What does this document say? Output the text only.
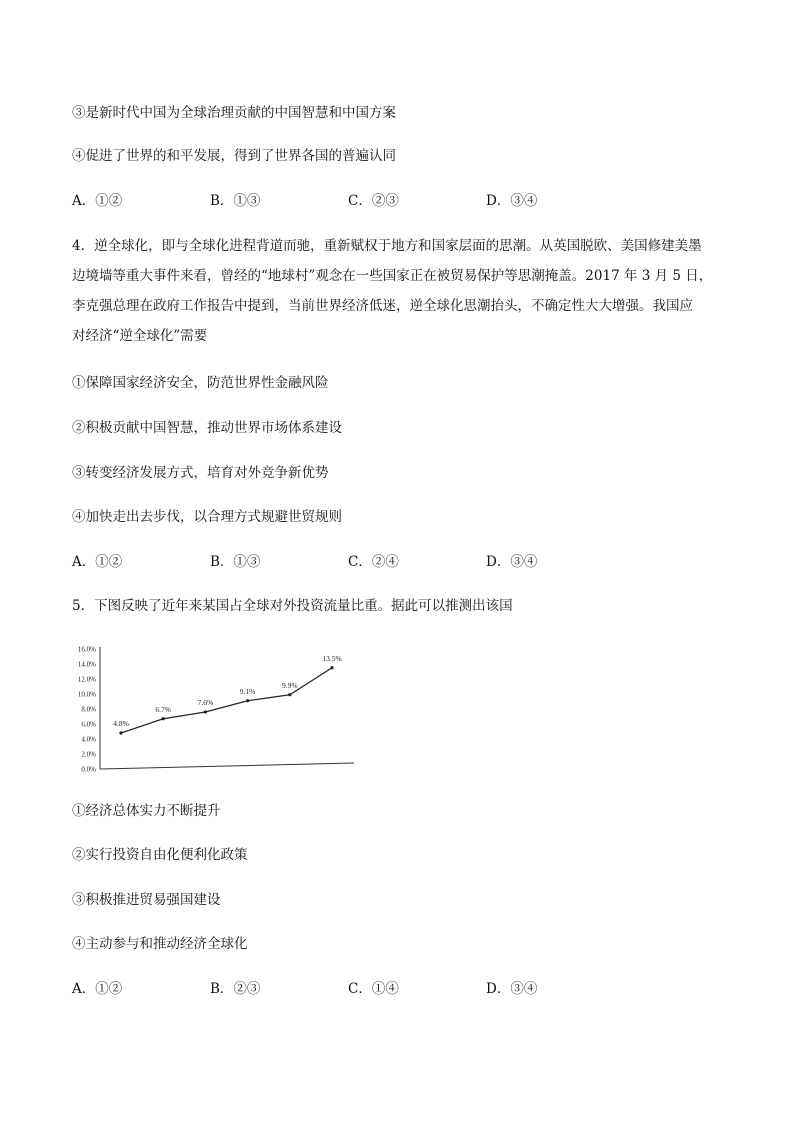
③是新时代中国为全球治理贡献的中国智慧和中国方案
④促进了世界的和平发展，得到了世界各国的普遍认同
A．①②	B．①③	C．②③	D．③④
4．逆全球化，即与全球化进程背道而驰，重新赋权于地方和国家层面的思潮。从英国脱欧、美国修建美墨
边境墙等重大事件来看，曾经的“地球村”观念在一些国家正在被贸易保护等思潮掩盖。2017 年 3 月 5 日，
李克强总理在政府工作报告中提到，当前世界经济低迷，逆全球化思潮抬头，不确定性大大增强。我国应
对经济“逆全球化”需要
①保障国家经济安全，防范世界性金融风险
②积极贡献中国智慧，推动世界市场体系建设
③转变经济发展方式，培育对外竞争新优势
④加快走出去步伐，以合理方式规避世贸规则
A．①②	B．①③	C．②④	D．③④
5．下图反映了近年来某国占全球对外投资流量比重。据此可以推测出该国
0.0%
2.0%
4.0%
6.0%
8.0%
10.0%
12.0%
14.0%
16.0%
4.8%
6.7%
7.6%
9.1%
9.9%
13.5%
①经济总体实力不断提升
②实行投资自由化便利化政策
③积极推进贸易强国建设
④主动参与和推动经济全球化
A．①②	B．②③	C．①④	D．③④
